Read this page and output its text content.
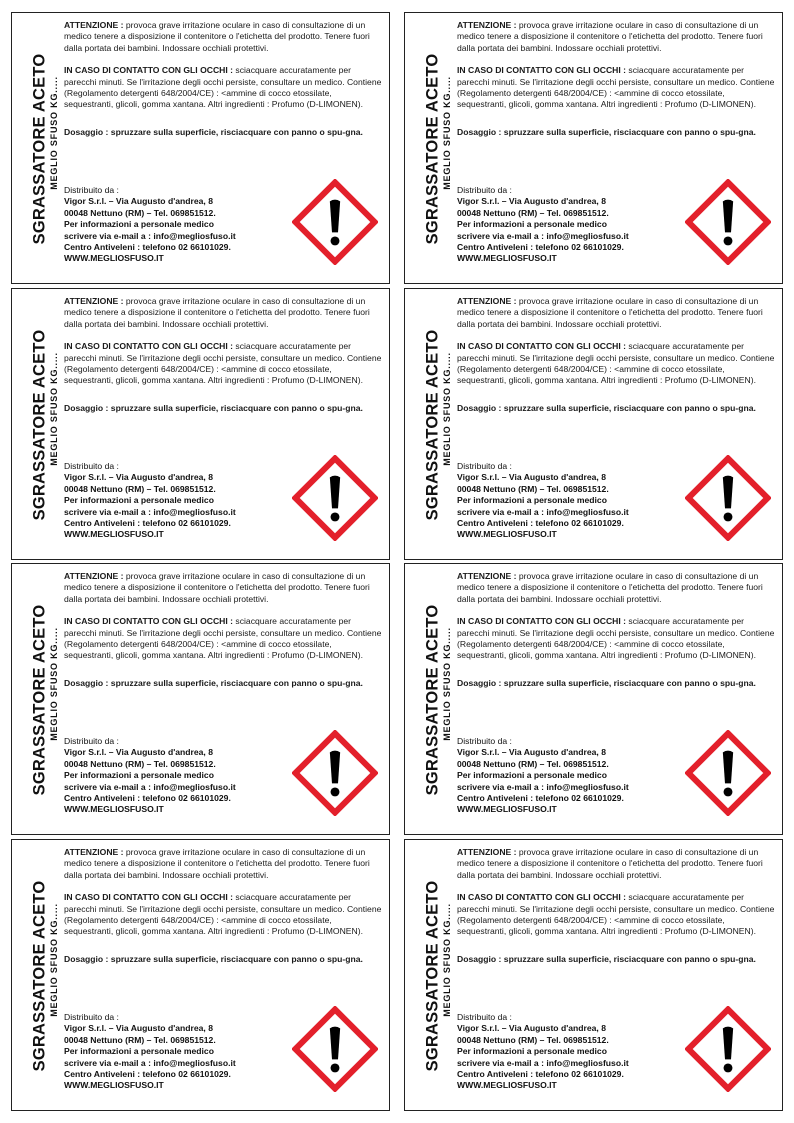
SGRASSATORE ACETO MEGLIO SFUSO KG.....

ATTENZIONE : provoca grave irritazione oculare in caso di consultazione di un medico tenere a disposizione il contenitore o l'etichetta del prodotto. Tenere fuori dalla portata dei bambini. Indossare occhiali protettivi.

IN CASO DI CONTATTO CON GLI OCCHI : sciacquare accuratamente per parecchi minuti. Se l'irritazione degli occhi persiste, consultare un medico. Contiene (Regolamento detergenti 648/2004/CE) : <ammine di cocco etossilate, sequestranti, glicoli, gomma xantana. Altri ingredienti : Profumo (D-LIMONEN).

Dosaggio : spruzzare sulla superficie, risciacquare con panno o spu-gna.

Distribuito da :
Vigor S.r.l. – Via Augusto d'andrea, 8
00048 Nettuno (RM) – Tel. 069851512.
Per informazioni a personale medico
scrivere via e-mail a : info@megliosfuso.it
Centro Antiveleni : telefono 02 66101029.
WWW.MEGLIOSFUSO.IT
SGRASSATORE ACETO MEGLIO SFUSO KG.....

ATTENZIONE : provoca grave irritazione oculare in caso di consultazione di un medico tenere a disposizione il contenitore o l'etichetta del prodotto. Tenere fuori dalla portata dei bambini. Indossare occhiali protettivi.

IN CASO DI CONTATTO CON GLI OCCHI : sciacquare accuratamente per parecchi minuti. Se l'irritazione degli occhi persiste, consultare un medico. Contiene (Regolamento detergenti 648/2004/CE) : <ammine di cocco etossilate, sequestranti, glicoli, gomma xantana. Altri ingredienti : Profumo (D-LIMONEN).

Dosaggio : spruzzare sulla superficie, risciacquare con panno o spu-gna.

Distribuito da :
Vigor S.r.l. – Via Augusto d'andrea, 8
00048 Nettuno (RM) – Tel. 069851512.
Per informazioni a personale medico
scrivere via e-mail a : info@megliosfuso.it
Centro Antiveleni : telefono 02 66101029.
WWW.MEGLIOSFUSO.IT
SGRASSATORE ACETO MEGLIO SFUSO KG.....

ATTENZIONE : provoca grave irritazione oculare in caso di consultazione di un medico tenere a disposizione il contenitore o l'etichetta del prodotto. Tenere fuori dalla portata dei bambini. Indossare occhiali protettivi.

IN CASO DI CONTATTO CON GLI OCCHI : sciacquare accuratamente per parecchi minuti. Se l'irritazione degli occhi persiste, consultare un medico. Contiene (Regolamento detergenti 648/2004/CE) : <ammine di cocco etossilate, sequestranti, glicoli, gomma xantana. Altri ingredienti : Profumo (D-LIMONEN).

Dosaggio : spruzzare sulla superficie, risciacquare con panno o spu-gna.

Distribuito da :
Vigor S.r.l. – Via Augusto d'andrea, 8
00048 Nettuno (RM) – Tel. 069851512.
Per informazioni a personale medico
scrivere via e-mail a : info@megliosfuso.it
Centro Antiveleni : telefono 02 66101029.
WWW.MEGLIOSFUSO.IT
SGRASSATORE ACETO MEGLIO SFUSO KG.....

ATTENZIONE : provoca grave irritazione oculare in caso di consultazione di un medico tenere a disposizione il contenitore o l'etichetta del prodotto. Tenere fuori dalla portata dei bambini. Indossare occhiali protettivi.

IN CASO DI CONTATTO CON GLI OCCHI : sciacquare accuratamente per parecchi minuti. Se l'irritazione degli occhi persiste, consultare un medico. Contiene (Regolamento detergenti 648/2004/CE) : <ammine di cocco etossilate, sequestranti, glicoli, gomma xantana. Altri ingredienti : Profumo (D-LIMONEN).

Dosaggio : spruzzare sulla superficie, risciacquare con panno o spu-gna.

Distribuito da :
Vigor S.r.l. – Via Augusto d'andrea, 8
00048 Nettuno (RM) – Tel. 069851512.
Per informazioni a personale medico
scrivere via e-mail a : info@megliosfuso.it
Centro Antiveleni : telefono 02 66101029.
WWW.MEGLIOSFUSO.IT
SGRASSATORE ACETO MEGLIO SFUSO KG.....

ATTENZIONE : provoca grave irritazione oculare in caso di consultazione di un medico tenere a disposizione il contenitore o l'etichetta del prodotto. Tenere fuori dalla portata dei bambini. Indossare occhiali protettivi.

IN CASO DI CONTATTO CON GLI OCCHI : sciacquare accuratamente per parecchi minuti. Se l'irritazione degli occhi persiste, consultare un medico. Contiene (Regolamento detergenti 648/2004/CE) : <ammine di cocco etossilate, sequestranti, glicoli, gomma xantana. Altri ingredienti : Profumo (D-LIMONEN).

Dosaggio : spruzzare sulla superficie, risciacquare con panno o spu-gna.

Distribuito da :
Vigor S.r.l. – Via Augusto d'andrea, 8
00048 Nettuno (RM) – Tel. 069851512.
Per informazioni a personale medico
scrivere via e-mail a : info@megliosfuso.it
Centro Antiveleni : telefono 02 66101029.
WWW.MEGLIOSFUSO.IT
SGRASSATORE ACETO MEGLIO SFUSO KG.....

ATTENZIONE : provoca grave irritazione oculare in caso di consultazione di un medico tenere a disposizione il contenitore o l'etichetta del prodotto. Tenere fuori dalla portata dei bambini. Indossare occhiali protettivi.

IN CASO DI CONTATTO CON GLI OCCHI : sciacquare accuratamente per parecchi minuti. Se l'irritazione degli occhi persiste, consultare un medico. Contiene (Regolamento detergenti 648/2004/CE) : <ammine di cocco etossilate, sequestranti, glicoli, gomma xantana. Altri ingredienti : Profumo (D-LIMONEN).

Dosaggio : spruzzare sulla superficie, risciacquare con panno o spu-gna.

Distribuito da :
Vigor S.r.l. – Via Augusto d'andrea, 8
00048 Nettuno (RM) – Tel. 069851512.
Per informazioni a personale medico
scrivere via e-mail a : info@megliosfuso.it
Centro Antiveleni : telefono 02 66101029.
WWW.MEGLIOSFUSO.IT
SGRASSATORE ACETO MEGLIO SFUSO KG.....

ATTENZIONE : provoca grave irritazione oculare in caso di consultazione di un medico tenere a disposizione il contenitore o l'etichetta del prodotto. Tenere fuori dalla portata dei bambini. Indossare occhiali protettivi.

IN CASO DI CONTATTO CON GLI OCCHI : sciacquare accuratamente per parecchi minuti. Se l'irritazione degli occhi persiste, consultare un medico. Contiene (Regolamento detergenti 648/2004/CE) : <ammine di cocco etossilate, sequestranti, glicoli, gomma xantana. Altri ingredienti : Profumo (D-LIMONEN).

Dosaggio : spruzzare sulla superficie, risciacquare con panno o spu-gna.

Distribuito da :
Vigor S.r.l. – Via Augusto d'andrea, 8
00048 Nettuno (RM) – Tel. 069851512.
Per informazioni a personale medico
scrivere via e-mail a : info@megliosfuso.it
Centro Antiveleni : telefono 02 66101029.
WWW.MEGLIOSFUSO.IT
SGRASSATORE ACETO MEGLIO SFUSO KG.....

ATTENZIONE : provoca grave irritazione oculare in caso di consultazione di un medico tenere a disposizione il contenitore o l'etichetta del prodotto. Tenere fuori dalla portata dei bambini. Indossare occhiali protettivi.

IN CASO DI CONTATTO CON GLI OCCHI : sciacquare accuratamente per parecchi minuti. Se l'irritazione degli occhi persiste, consultare un medico. Contiene (Regolamento detergenti 648/2004/CE) : <ammine di cocco etossilate, sequestranti, glicoli, gomma xantana. Altri ingredienti : Profumo (D-LIMONEN).

Dosaggio : spruzzare sulla superficie, risciacquare con panno o spu-gna.

Distribuito da :
Vigor S.r.l. – Via Augusto d'andrea, 8
00048 Nettuno (RM) – Tel. 069851512.
Per informazioni a personale medico
scrivere via e-mail a : info@megliosfuso.it
Centro Antiveleni : telefono 02 66101029.
WWW.MEGLIOSFUSO.IT
